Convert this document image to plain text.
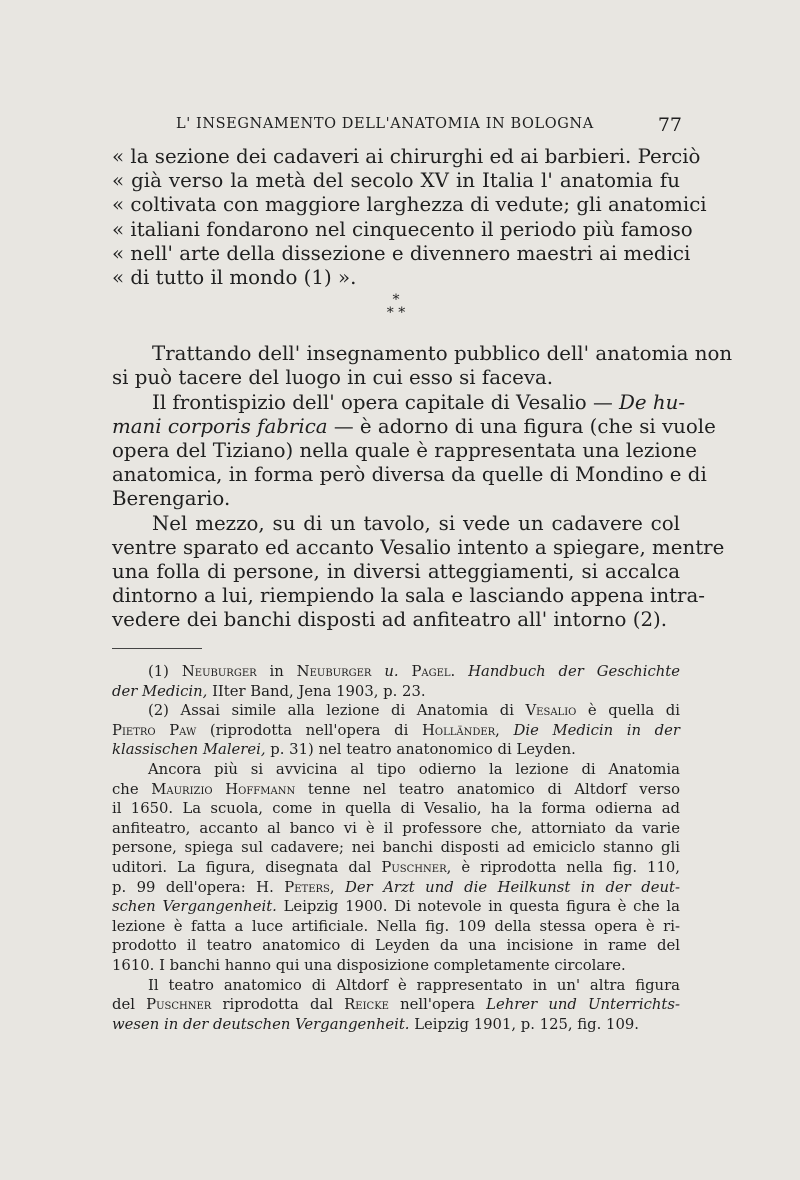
L' INSEGNAMENTO DELL'ANATOMIA IN BOLOGNA	77
« la sezione dei cadaveri ai chirurghi ed ai barbieri. Perciò
« già verso la metà del secolo XV in Italia l' anatomia fu
« coltivata con maggiore larghezza di vedute; gli anatomici
« italiani fondarono nel cinquecento il periodo più famoso
« nell' arte della dissezione e divennero maestri ai medici
« di tutto il mondo (1) ».
*
* *
Trattando dell' insegnamento pubblico dell' anatomia non
si può tacere del luogo in cui esso si faceva.
Il frontispizio dell' opera capitale di Vesalio — De hu-
mani corporis fabrica — è adorno di una figura (che si vuole
opera del Tiziano) nella quale è rappresentata una lezione
anatomica, in forma però diversa da quelle di Mondino e di
Berengario.
Nel mezzo, su di un tavolo, si vede un cadavere col
ventre sparato ed accanto Vesalio intento a spiegare, mentre
una folla di persone, in diversi atteggiamenti, si accalca
dintorno a lui, riempiendo la sala e lasciando appena intra-
vedere dei banchi disposti ad anfiteatro all' intorno (2).
(1) Neuburger in Neuburger u. Pagel. Handbuch der Geschichte
der Medicin, IIter Band, Jena 1903, p. 23.
(2) Assai simile alla lezione di Anatomia di Vesalio è quella di
Pietro Paw (riprodotta nell'opera di Holländer, Die Medicin in der
klassischen Malerei, p. 31) nel teatro anatonomico di Leyden.
Ancora più si avvicina al tipo odierno la lezione di Anatomia
che Maurizio Hoffmann tenne nel teatro anatomico di Altdorf verso
il 1650. La scuola, come in quella di Vesalio, ha la forma odierna ad
anfiteatro, accanto al banco vi è il professore che, attorniato da varie
persone, spiega sul cadavere; nei banchi disposti ad emiciclo stanno gli
uditori. La figura, disegnata dal Puschner, è riprodotta nella fig. 110,
p. 99 dell'opera: H. Peters, Der Arzt und die Heilkunst in der deut-
schen Vergangenheit. Leipzig 1900. Di notevole in questa figura è che la
lezione è fatta a luce artificiale. Nella fig. 109 della stessa opera è ri-
prodotto il teatro anatomico di Leyden da una incisione in rame del
1610. I banchi hanno qui una disposizione completamente circolare.
Il teatro anatomico di Altdorf è rappresentato in un' altra figura
del Puschner riprodotta dal Reicke nell'opera Lehrer und Unterrichts-
wesen in der deutschen Vergangenheit. Leipzig 1901, p. 125, fig. 109.
